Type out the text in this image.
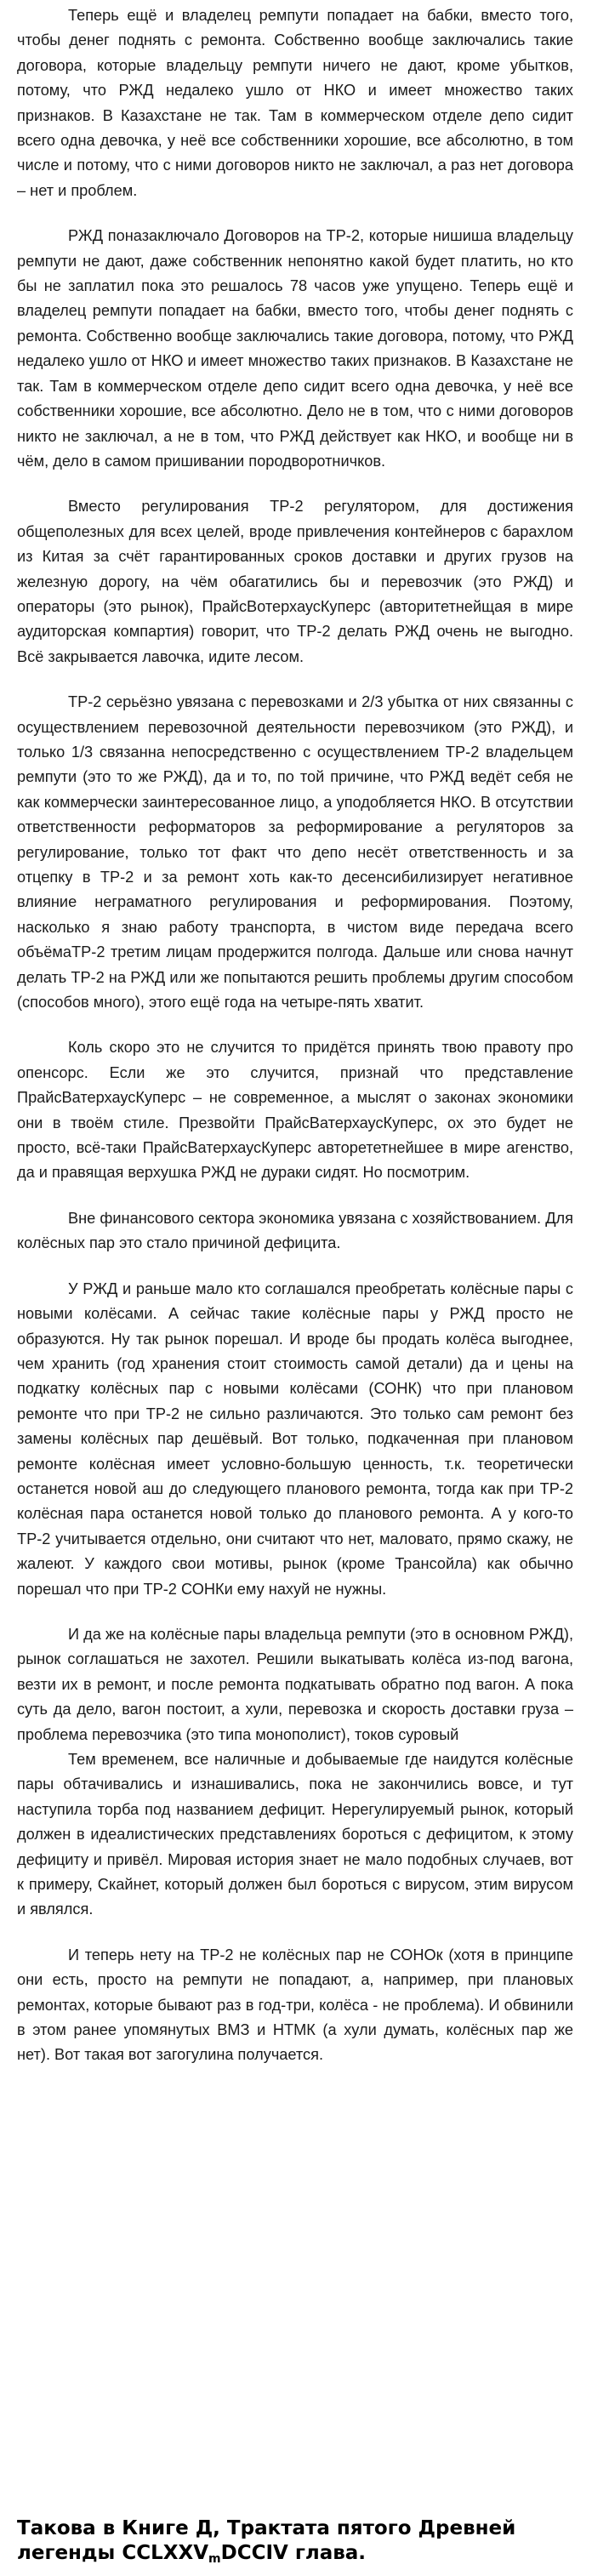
Теперь ещё и владелец ремпути попадает на бабки, вместо того, чтобы денег поднять с ремонта. Собственно вообще заключались такие договора, которые владельцу ремпути ничего не дают, кроме убытков, потому, что РЖД недалеко ушло от НКО и имеет множество таких признаков. В Казахстане не так. Там в коммерческом отделе депо сидит всего одна девочка, у неё все собственники хорошие, все абсолютно, в том числе и потому, что с ними договоров никто не заключал, а раз нет договора – нет и проблем.

РЖД поназаключало Договоров на ТР-2, которые нишиша владельцу ремпути не дают, даже собственник непонятно какой будет платить, но кто бы не заплатил пока это решалось 78 часов уже упущено. Теперь ещё и владелец ремпути попадает на бабки, вместо того, чтобы денег поднять с ремонта. Собственно вообще заключались такие договора, потому, что РЖД недалеко ушло от НКО и имеет множество таких признаков. В Казахстане не так. Там в коммерческом отделе депо сидит всего одна девочка, у неё все собственники хорошие, все абсолютно. Дело не в том, что с ними договоров никто не заключал, а не в том, что РЖД действует как НКО, и вообще ни в чём, дело в самом пришивании породворотничков.

Вместо регулирования ТР-2 регулятором, для достижения общеполезных для всех целей, вроде привлечения контейнеров с барахлом из Китая за счёт гарантированных сроков доставки и других грузов на железную дорогу, на чём обагатились бы и перевозчик (это РЖД) и операторы (это рынок), ПрайсВотерхаусКуперс (авторитетнейщая в мире аудиторская компартия) говорит, что ТР-2 делать РЖД очень не выгодно. Всё закрывается лавочка, идите лесом.

ТР-2 серьёзно увязана с перевозками и 2/3 убытка от них связанны с осуществлением перевозочной деятельности перевозчиком (это РЖД), и только 1/3 связанна непосредственно с осуществлением ТР-2 владельцем ремпути (это то же РЖД), да и то, по той причине, что РЖД ведёт себя не как коммерчески заинтересованное лицо, а уподобляется НКО. В отсутствии ответственности реформаторов за реформирование а регуляторов за регулирование, только тот факт что депо несёт ответственность и за отцепку в ТР-2 и за ремонт хоть как-то десенсибилизирует негативное влияние неграматного регулирования и реформирования. Поэтому, насколько я знаю работу транспорта, в чистом виде передача всего объёмаТР-2 третим лицам продержится полгода. Дальше или снова начнут делать ТР-2 на РЖД или же попытаются решить проблемы другим способом (способов много), этого ещё года на четыре-пять хватит.

Коль скоро это не случится то придётся принять твою правоту про опенсорс. Если же это случится, признай что представление ПрайсВатерхаусКуперс – не современное, а мыслят о законах экономики они в твоём стиле. Презвойти ПрайсВатерхаусКуперс, ох это будет не просто, всё-таки ПрайсВатерхаусКуперс авторететнейшее в мире агенство, да и правящая верхушка РЖД не дураки сидят. Но посмотрим.

Вне финансового сектора экономика увязана с хозяйствованием. Для колёсных пар это стало причиной дефицита.

У РЖД и раньше мало кто соглашался преобретать колёсные пары с новыми колёсами. А сейчас такие колёсные пары у РЖД просто не образуются. Ну так рынок порешал. И вроде бы продать колёса выгоднее, чем хранить (год хранения стоит стоимость самой детали) да и цены на подкатку колёсных пар с новыми колёсами (СОНК) что при плановом ремонте что при ТР-2 не сильно различаются. Это только сам ремонт без замены колёсных пар дешёвый. Вот только, подкаченная при плановом ремонте колёсная имеет условно-большую ценность, т.к. теоретически останется новой аш до следующего планового ремонта, тогда как при ТР-2 колёсная пара останется новой только до планового ремонта. А у кого-то ТР-2 учитывается отдельно, они считают что нет, маловато, прямо скажу, не жалеют. У каждого свои мотивы, рынок (кроме Трансойла) как обычно порешал что при ТР-2 СОНКи ему нахуй не нужны.

И да же на колёсные пары владельца ремпути (это в основном РЖД), рынок соглашаться не захотел. Решили выкатывать колёса из-под вагона, везти их в ремонт, и после ремонта подкатывать обратно под вагон. А пока суть да дело, вагон постоит, а хули, перевозка и скорость доставки груза – проблема перевозчика (это типа монополист), токов суровый

Тем временем, все наличные и добываемые где наидутся колёсные пары обтачивались и изнашивались, пока не закончились вовсе, и тут наступила торба под названием дефицит. Нерегулируемый рынок, который должен в идеалистических представлениях бороться с дефицитом, к этому дефициту и привёл. Мировая история знает не мало подобных случаев, вот к примеру, Скайнет, который должен был бороться с вирусом, этим вирусом и являлся.

И теперь нету на ТР-2 не колёсных пар не СОНОк (хотя в принципе они есть, просто на ремпути не попадают, а, например, при плановых ремонтах, которые бывают раз в год-три, колёса - не проблема). И обвинили в этом ранее упомянутых ВМЗ и НТМК (а хули думать, колёсных пар же нет). Вот такая вот загогулина получается.

Такова в Книге Д, Трактата пятого Древней легенды $CCLXXV_mDCCIV$ глава.
